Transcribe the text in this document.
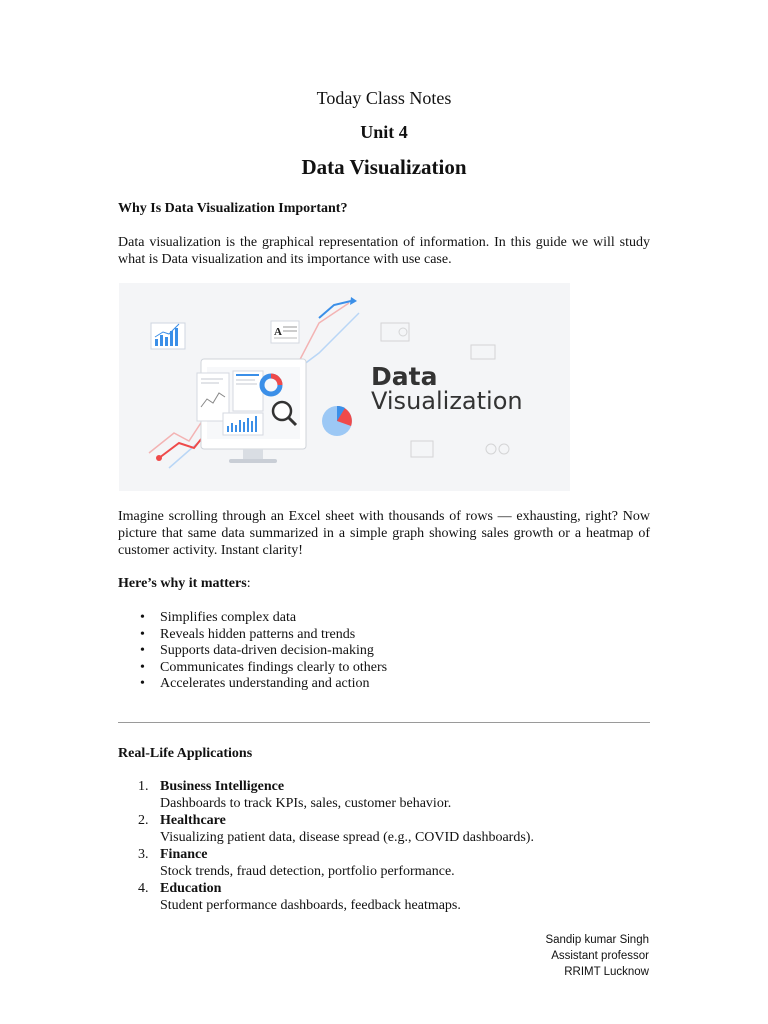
Today Class Notes
Unit 4
Data Visualization
Why Is Data Visualization Important?
Data visualization is the graphical representation of information. In this guide we will study
what is Data visualization and its importance with use case.
A
Data
Visualization
Imagine scrolling through an Excel sheet with thousands of rows — exhausting, right? Now
picture that same data summarized in a simple graph showing sales growth or a heatmap of
customer activity. Instant clarity!
Here’s why it matters:
• Simplifies complex data
• Reveals hidden patterns and trends
• Supports data-driven decision-making
• Communicates findings clearly to others
• Accelerates understanding and action
Real-Life Applications
1. Business Intelligence
Dashboards to track KPIs, sales, customer behavior.
2. Healthcare
Visualizing patient data, disease spread (e.g., COVID dashboards).
3. Finance
Stock trends, fraud detection, portfolio performance.
4. Education
Student performance dashboards, feedback heatmaps.
Sandip kumar Singh
Assistant professor
RRIMT Lucknow
